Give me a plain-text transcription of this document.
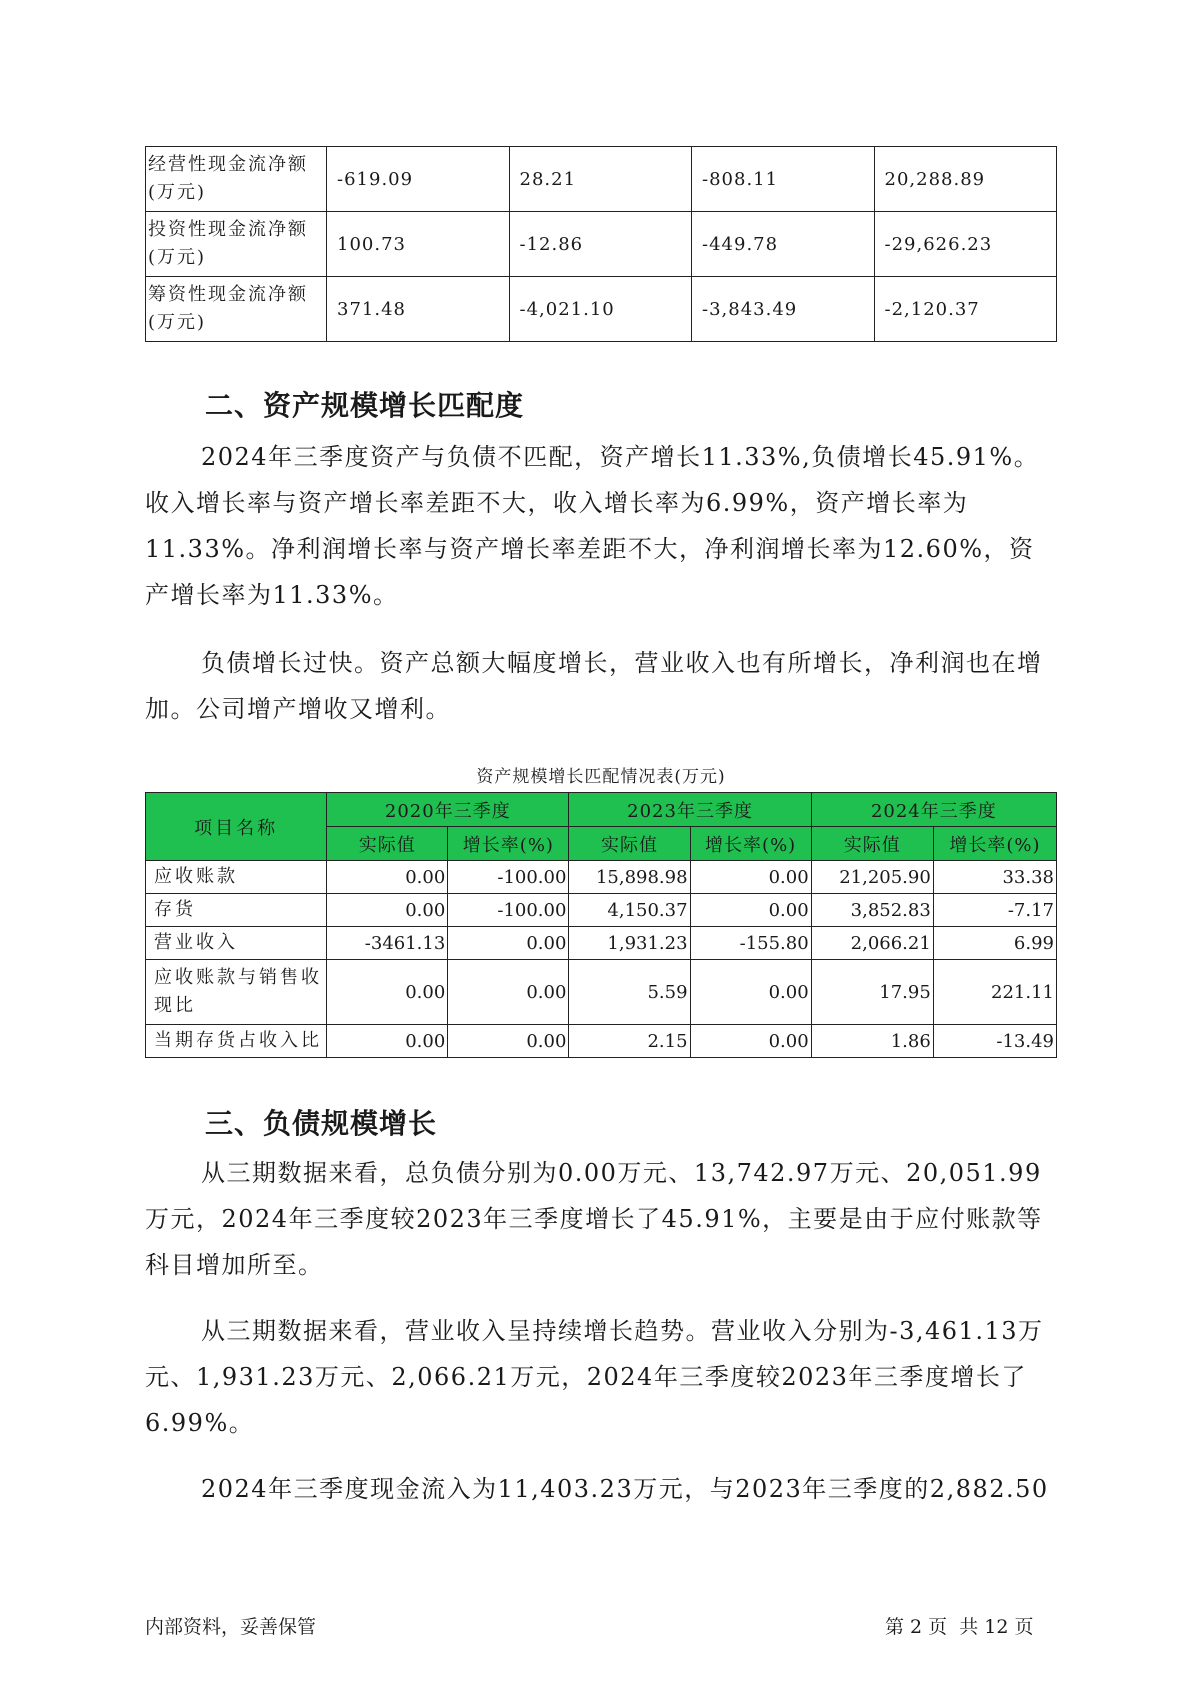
经营性现金流净额(万元)	-619.09	28.21	-808.11	20,288.89
投资性现金流净额(万元)	100.73	-12.86	-449.78	-29,626.23
筹资性现金流净额(万元)	371.48	-4,021.10	-3,843.49	-2,120.37
二、资产规模增长匹配度

2024年三季度资产与负债不匹配，资产增长11.33%,负债增长45.91%。收入增长率与资产增长率差距不大，收入增长率为6.99%，资产增长率为11.33%。净利润增长率与资产增长率差距不大，净利润增长率为12.60%，资产增长率为11.33%。

负债增长过快。资产总额大幅度增长，营业收入也有所增长，净利润也在增加。公司增产增收又增利。

资产规模增长匹配情况表(万元)
项目名称	2020年三季度		2023年三季度		2024年三季度	
	实际值	增长率(%)	实际值	增长率(%)	实际值	增长率(%)
应收账款	0.00	-100.00	15,898.98	0.00	21,205.90	33.38
存货	0.00	-100.00	4,150.37	0.00	3,852.83	-7.17
营业收入	-3461.13	0.00	1,931.23	-155.80	2,066.21	6.99
应收账款与销售收现比	0.00	0.00	5.59	0.00	17.95	221.11
当期存货占收入比	0.00	0.00	2.15	0.00	1.86	-13.49
三、负债规模增长

从三期数据来看，总负债分别为0.00万元、13,742.97万元、20,051.99万元，2024年三季度较2023年三季度增长了45.91%，主要是由于应付账款等科目增加所至。

从三期数据来看，营业收入呈持续增长趋势。营业收入分别为-3,461.13万元、1,931.23万元、2,066.21万元，2024年三季度较2023年三季度增长了6.99%。

2024年三季度现金流入为11,403.23万元，与2023年三季度的2,882.50

内部资料，妥善保管	第 2 页  共 12 页
